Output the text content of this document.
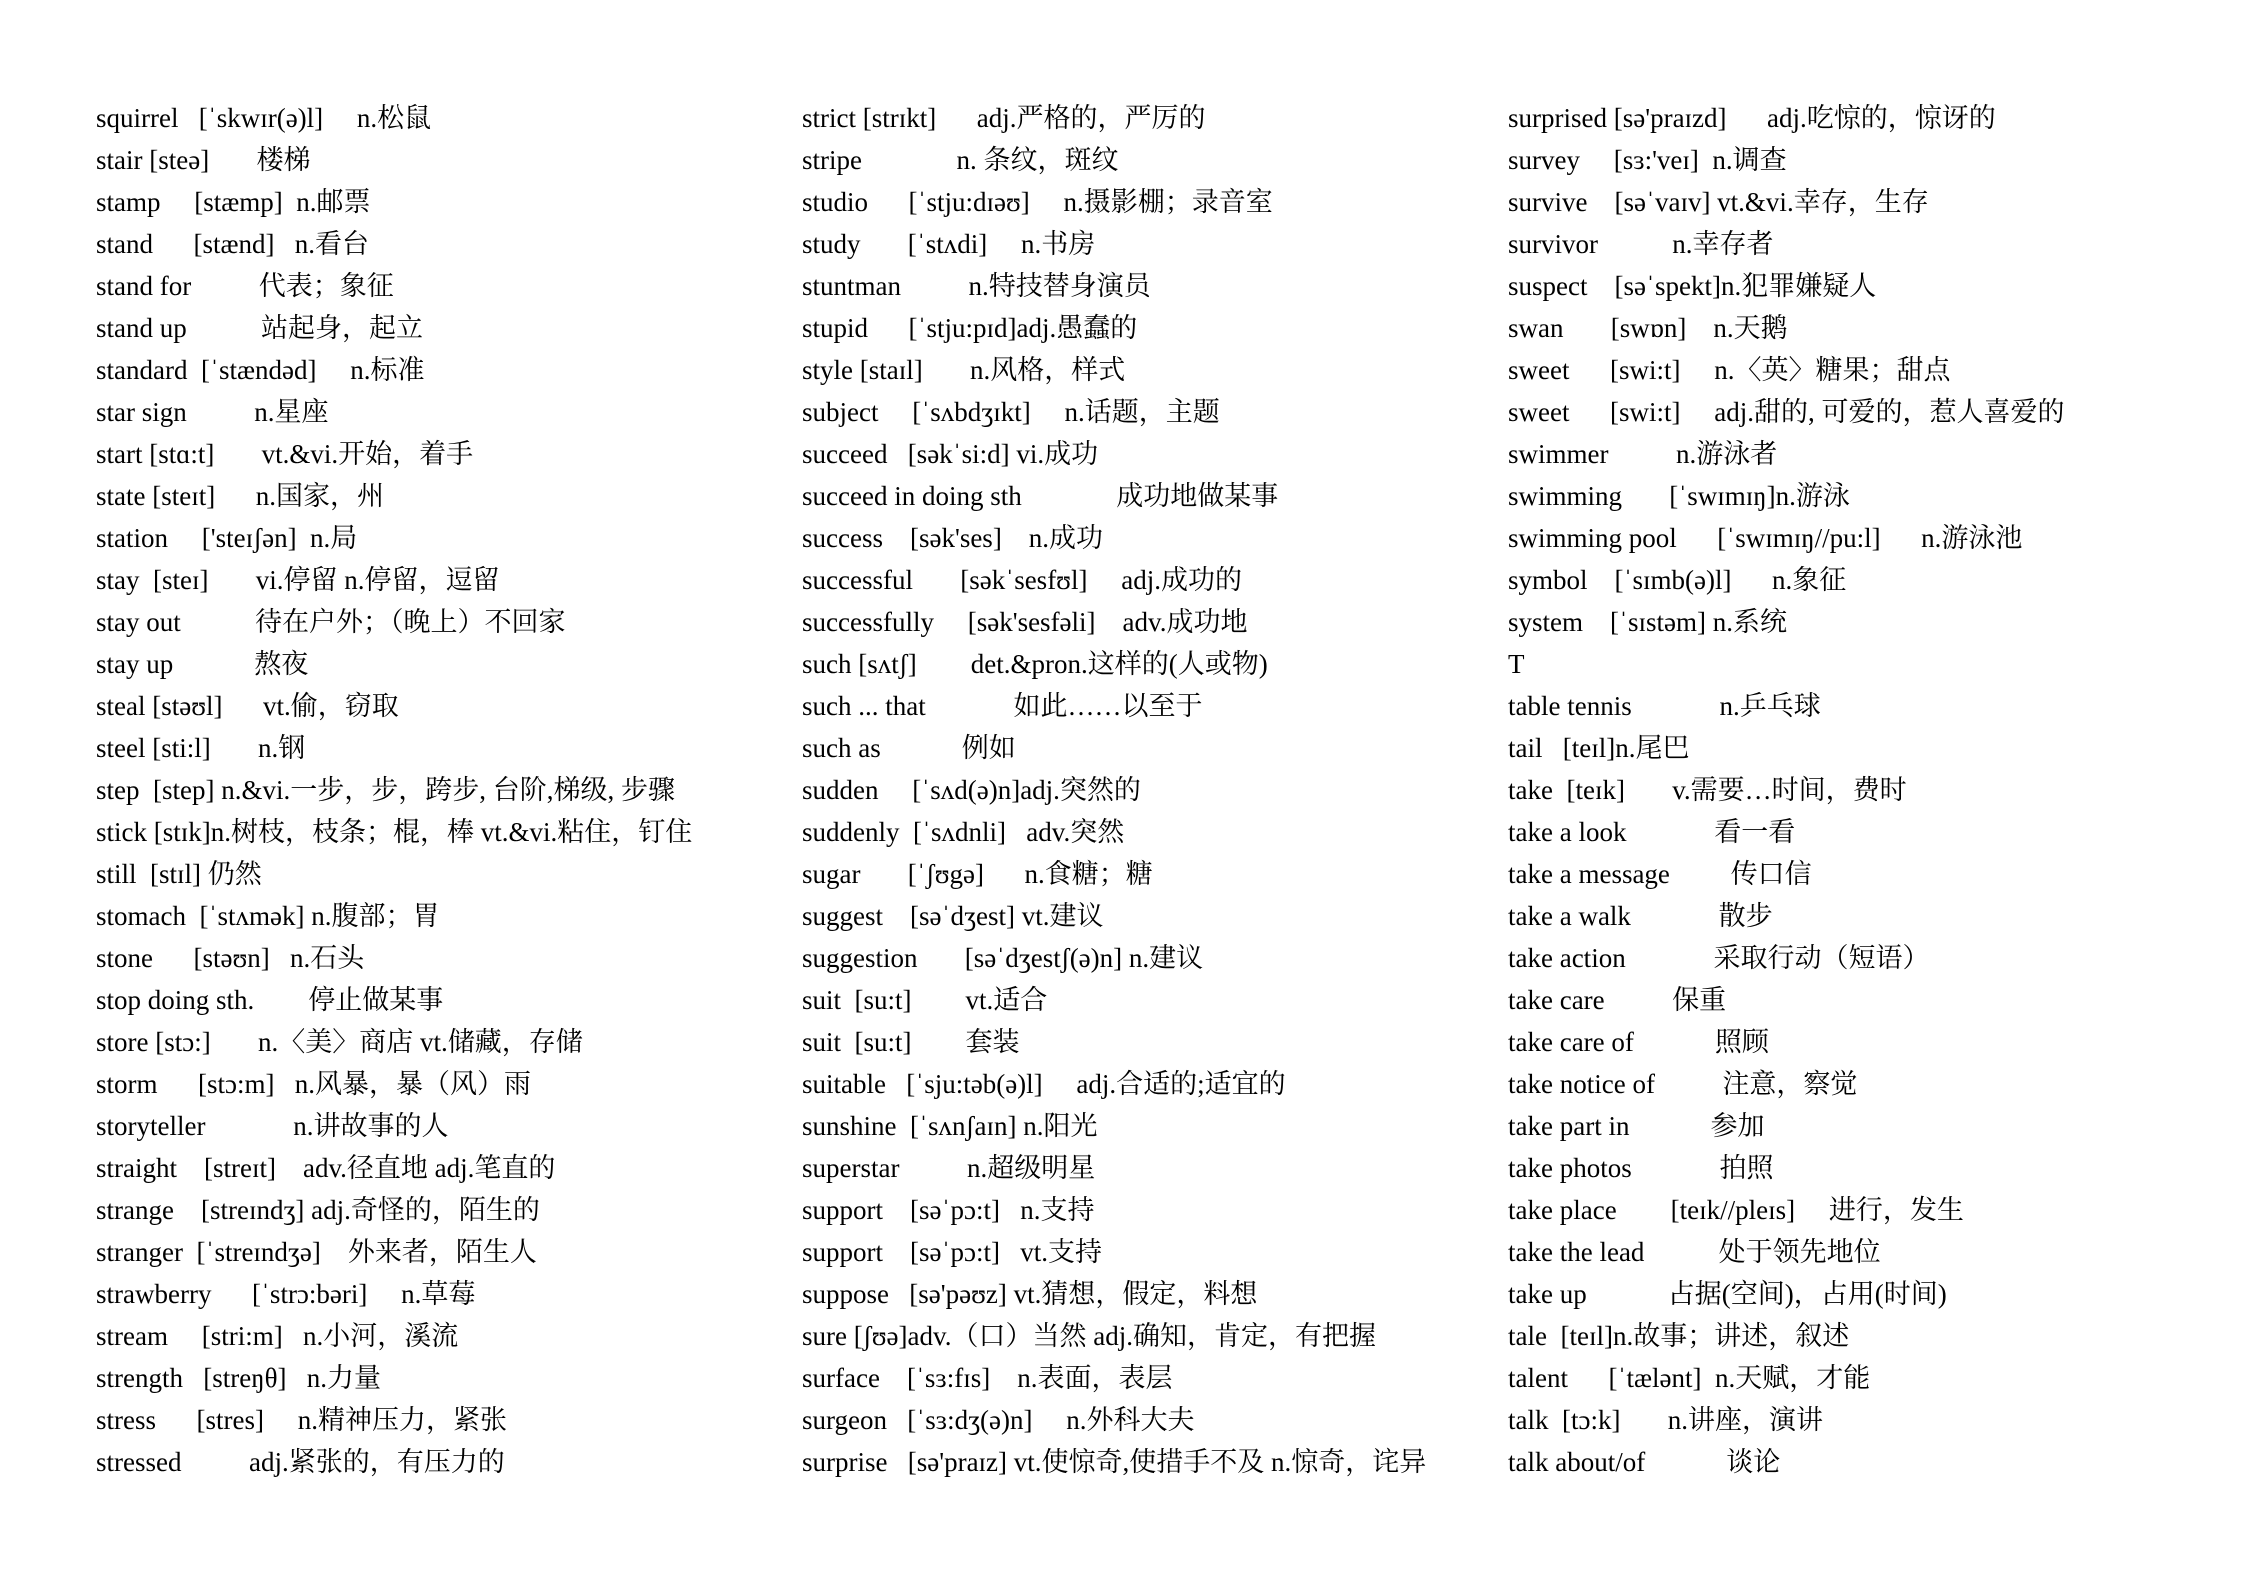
squirrel   [ˈskwɪr(ə)l]     n.松鼠
stair [steə]       楼梯
stamp     [stæmp]  n.邮票
stand      [stænd]   n.看台
stand for          代表；象征
stand up           站起身，起立
standard  [ˈstændəd]     n.标准
star sign          n.星座
start [stɑ:t]       vt.&vi.开始，着手
state [steɪt]      n.国家，州
station     ['steɪʃən]  n.局
stay  [steɪ]       vi.停留 n.停留，逗留
stay out           待在户外；（晚上）不回家
stay up            熬夜
steal [stəʊl]      vt.偷，窃取
steel [sti:l]       n.钢
step  [step] n.&vi.一步，步，跨步, 台阶,梯级, 步骤
stick [stɪk]n.树枝，枝条；棍，棒 vt.&vi.粘住，钉住
still  [stɪl] 仍然
stomach  [ˈstʌmək] n.腹部；胃
stone      [stəʊn]   n.石头
stop doing sth.        停止做某事
store [stɔ:]       n.〈美〉商店 vt.储藏，存储
storm      [stɔ:m]   n.风暴，暴（风）雨
storyteller             n.讲故事的人
straight    [streɪt]    adv.径直地 adj.笔直的
strange    [streɪndʒ] adj.奇怪的，陌生的
stranger  [ˈstreɪndʒə]    外来者，陌生人
strawberry      [ˈstrɔ:bəri]     n.草莓
stream     [stri:m]   n.小河，溪流
strength   [streŋθ]   n.力量
stress      [stres]     n.精神压力，紧张
stressed          adj.紧张的，有压力的
strict [strɪkt]      adj.严格的，严厉的
stripe              n. 条纹，斑纹
studio      [ˈstju:dɪəʊ]     n.摄影棚；录音室
study       [ˈstʌdi]     n.书房
stuntman          n.特技替身演员
stupid      [ˈstju:pɪd]adj.愚蠢的
style [staɪl]       n.风格，样式
subject     [ˈsʌbdʒɪkt]     n.话题，主题
succeed   [səkˈsi:d] vi.成功
succeed in doing sth              成功地做某事
success    [sək'ses]    n.成功
successful       [səkˈsesfʊl]     adj.成功的
successfully     [sək'sesfəli]    adv.成功地
such [sʌtʃ]        det.&pron.这样的(人或物)
such ... that             如此……以至于
such as            例如
sudden     [ˈsʌd(ə)n]adj.突然的
suddenly  [ˈsʌdnli]   adv.突然
sugar       [ˈʃʊgə]      n.食糖；糖
suggest    [səˈdʒest] vt.建议
suggestion       [səˈdʒestʃ(ə)n] n.建议
suit  [su:t]        vt.适合
suit  [su:t]        套装
suitable   [ˈsju:təb(ə)l]     adj.合适的;适宜的
sunshine  [ˈsʌnʃaɪn] n.阳光
superstar          n.超级明星
support    [səˈpɔ:t]   n.支持
support    [səˈpɔ:t]   vt.支持
suppose   [sə'pəʊz] vt.猜想，假定，料想
sure [ʃʊə]adv.（口）当然 adj.确知，肯定，有把握
surface    [ˈsɜ:fɪs]    n.表面，表层
surgeon   [ˈsɜ:dʒ(ə)n]     n.外科大夫
surprise   [sə'praɪz] vt.使惊奇,使措手不及 n.惊奇，诧异
surprised [sə'praɪzd]      adj.吃惊的，惊讶的
survey     [sɜ:'veɪ]  n.调查
survive    [səˈvaɪv] vt.&vi.幸存，生存
survivor           n.幸存者
suspect    [səˈspekt]n.犯罪嫌疑人
swan       [swɒn]    n.天鹅
sweet      [swi:t]     n.〈英〉糖果；甜点
sweet      [swi:t]     adj.甜的, 可爱的，惹人喜爱的
swimmer          n.游泳者
swimming       [ˈswɪmɪŋ]n.游泳
swimming pool      [ˈswɪmɪŋ//pu:l]      n.游泳池
symbol    [ˈsɪmb(ə)l]      n.象征
system    [ˈsɪstəm] n.系统
T
table tennis             n.乒乓球
tail   [teɪl]n.尾巴
take  [teɪk]       v.需要…时间，费时
take a look             看一看
take a message         传口信
take a walk             散步
take action             采取行动（短语）
take care          保重
take care of            照顾
take notice of          注意，察觉
take part in            参加
take photos             拍照
take place        [teɪk//pleɪs]     进行，发生
take the lead           处于领先地位
take up            占据(空间)，占用(时间)
tale  [teɪl]n.故事；讲述，叙述
talent      [ˈtælənt]  n.天赋，才能
talk  [tɔ:k]       n.讲座，演讲
talk about/of            谈论
